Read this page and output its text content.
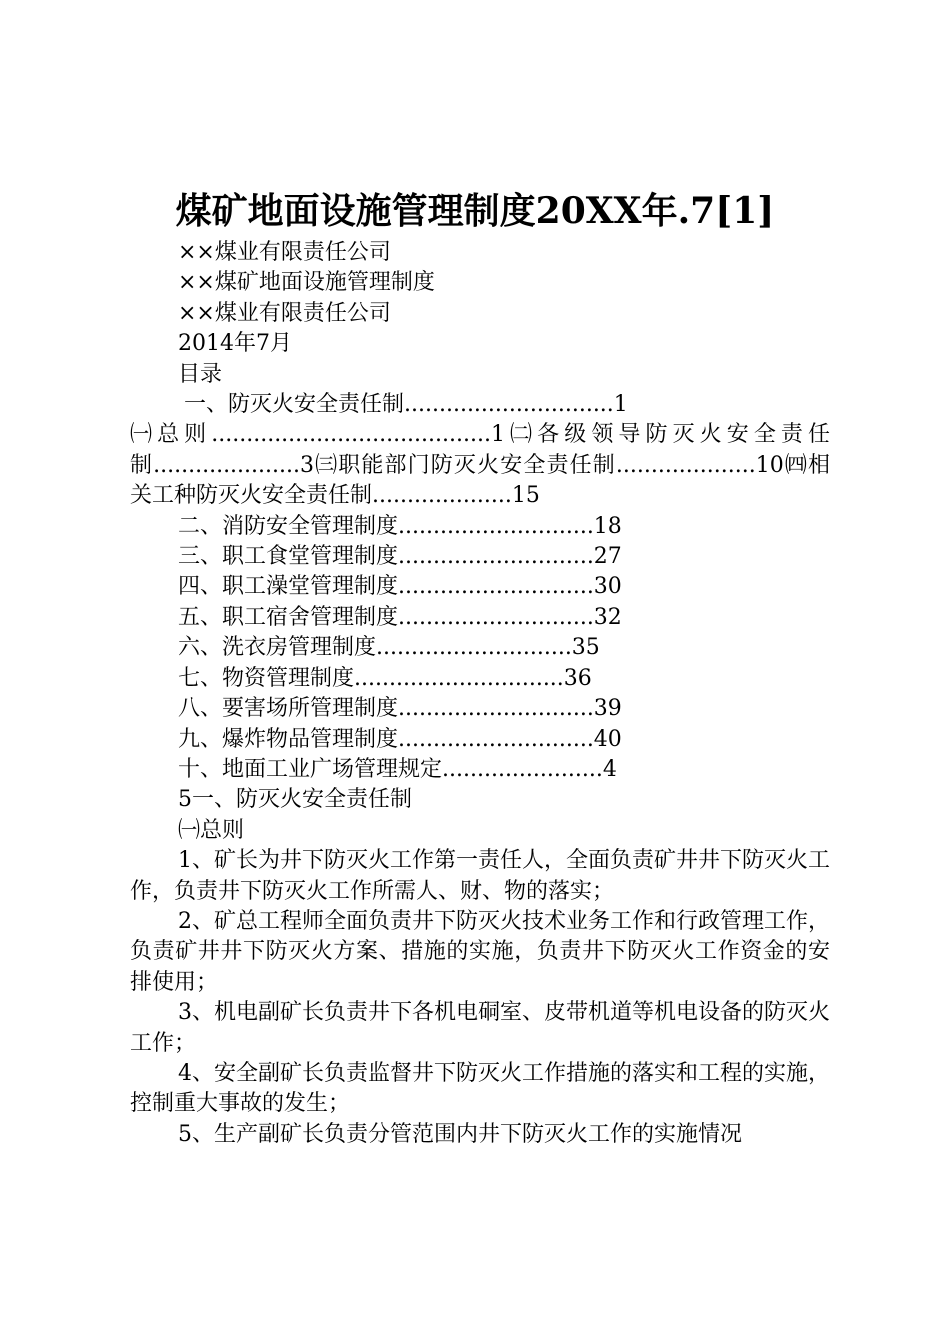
煤矿地面设施管理制度20XX年.7[1]
××煤业有限责任公司
××煤矿地面设施管理制度
××煤业有限责任公司
2014年7月
目录
一、防灭火安全责任制..............................1
㈠总则........................................1㈡各级领导防灭火安全责任制.....................3㈢职能部门防灭火安全责任制....................10㈣相关工种防灭火安全责任制....................15
二、消防安全管理制度............................18
三、职工食堂管理制度............................27
四、职工澡堂管理制度............................30
五、职工宿舍管理制度............................32
六、洗衣房管理制度............................35
七、物资管理制度..............................36
八、要害场所管理制度............................39
九、爆炸物品管理制度............................40
十、地面工业广场管理规定.......................4
5一、防灭火安全责任制
㈠总则
1、矿长为井下防灭火工作第一责任人，全面负责矿井井下防灭火工作，负责井下防灭火工作所需人、财、物的落实；
2、矿总工程师全面负责井下防灭火技术业务工作和行政管理工作，负责矿井井下防灭火方案、措施的实施，负责井下防灭火工作资金的安排使用；
3、机电副矿长负责井下各机电硐室、皮带机道等机电设备的防灭火工作；
4、安全副矿长负责监督井下防灭火工作措施的落实和工程的实施，控制重大事故的发生；
5、生产副矿长负责分管范围内井下防灭火工作的实施情况
